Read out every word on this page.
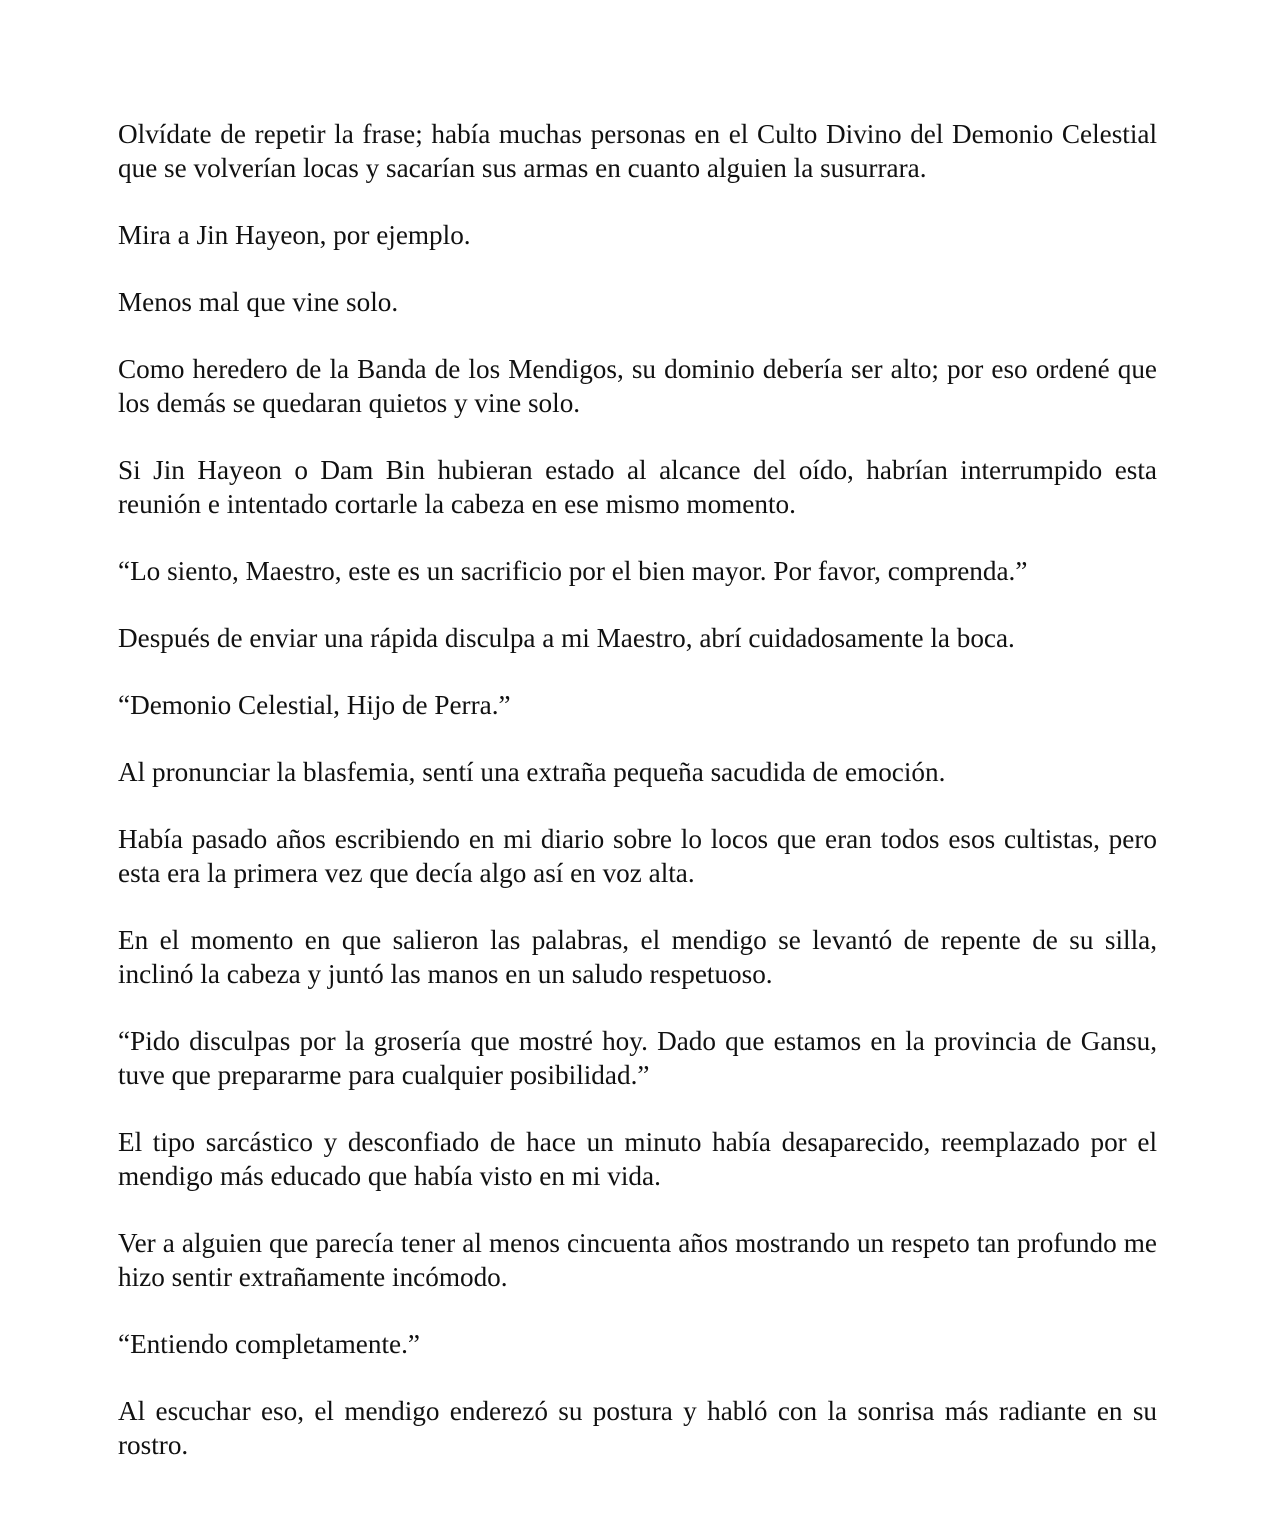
Olvídate de repetir la frase; había muchas personas en el Culto Divino del Demonio Celestial que se volverían locas y sacarían sus armas en cuanto alguien la susurrara.

Mira a Jin Hayeon, por ejemplo.

Menos mal que vine solo.

Como heredero de la Banda de los Mendigos, su dominio debería ser alto; por eso ordené que los demás se quedaran quietos y vine solo.

Si Jin Hayeon o Dam Bin hubieran estado al alcance del oído, habrían interrumpido esta reunión e intentado cortarle la cabeza en ese mismo momento.

“Lo siento, Maestro, este es un sacrificio por el bien mayor. Por favor, comprenda.”

Después de enviar una rápida disculpa a mi Maestro, abrí cuidadosamente la boca.

“Demonio Celestial, Hijo de Perra.”

Al pronunciar la blasfemia, sentí una extraña pequeña sacudida de emoción.

Había pasado años escribiendo en mi diario sobre lo locos que eran todos esos cultistas, pero esta era la primera vez que decía algo así en voz alta.

En el momento en que salieron las palabras, el mendigo se levantó de repente de su silla, inclinó la cabeza y juntó las manos en un saludo respetuoso.

“Pido disculpas por la grosería que mostré hoy. Dado que estamos en la provincia de Gansu, tuve que prepararme para cualquier posibilidad.”

El tipo sarcástico y desconfiado de hace un minuto había desaparecido, reemplazado por el mendigo más educado que había visto en mi vida.

Ver a alguien que parecía tener al menos cincuenta años mostrando un respeto tan profundo me hizo sentir extrañamente incómodo.

“Entiendo completamente.”

Al escuchar eso, el mendigo enderezó su postura y habló con la sonrisa más radiante en su rostro.
